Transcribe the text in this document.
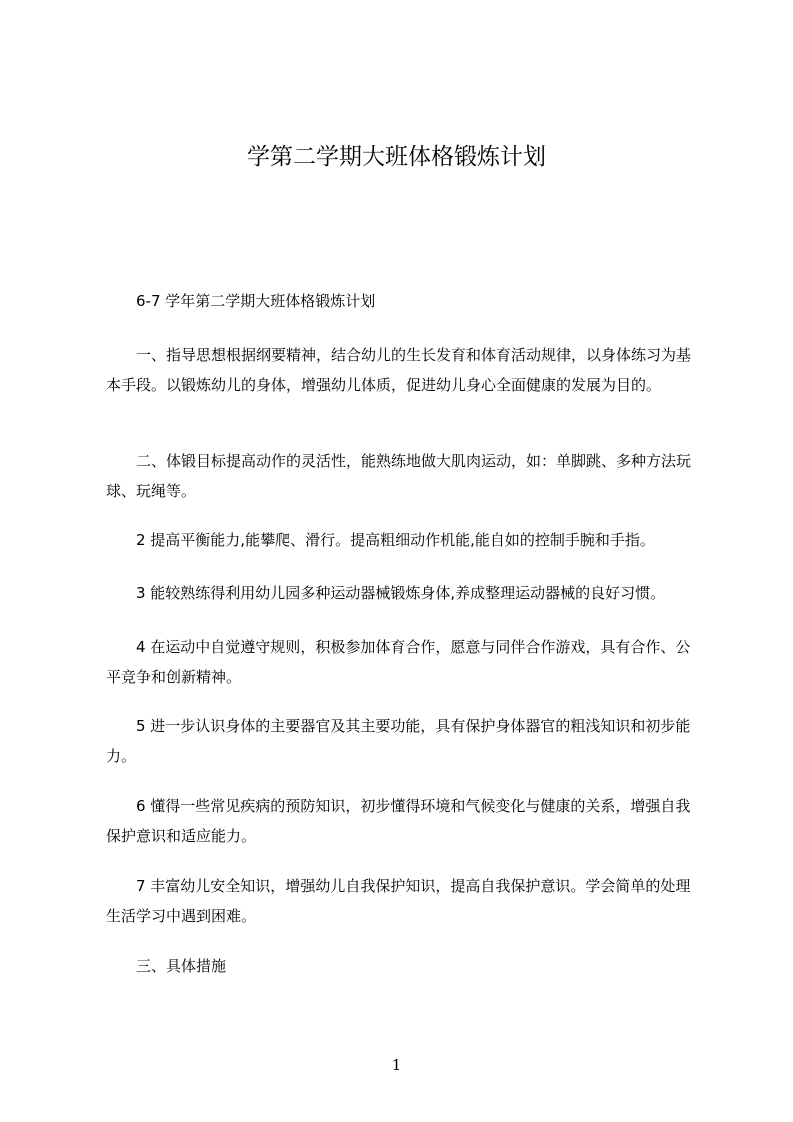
学第二学期大班体格锻炼计划

6-7 学年第二学期大班体格锻炼计划

一、指导思想根据纲要精神，结合幼儿的生长发育和体育活动规律，以身体练习为基本手段。以锻炼幼儿的身体，增强幼儿体质，促进幼儿身心全面健康的发展为目的。

二、体锻目标提高动作的灵活性，能熟练地做大肌肉运动，如：单脚跳、多种方法玩球、玩绳等。

2 提高平衡能力,能攀爬、滑行。提高粗细动作机能,能自如的控制手腕和手指。

3 能较熟练得利用幼儿园多种运动器械锻炼身体,养成整理运动器械的良好习惯。

4 在运动中自觉遵守规则，积极参加体育合作，愿意与同伴合作游戏，具有合作、公平竞争和创新精神。

5 进一步认识身体的主要器官及其主要功能，具有保护身体器官的粗浅知识和初步能力。

6 懂得一些常见疾病的预防知识，初步懂得环境和气候变化与健康的关系，增强自我保护意识和适应能力。

7 丰富幼儿安全知识，增强幼儿自我保护知识，提高自我保护意识。学会简单的处理生活学习中遇到困难。

三、具体措施

1
